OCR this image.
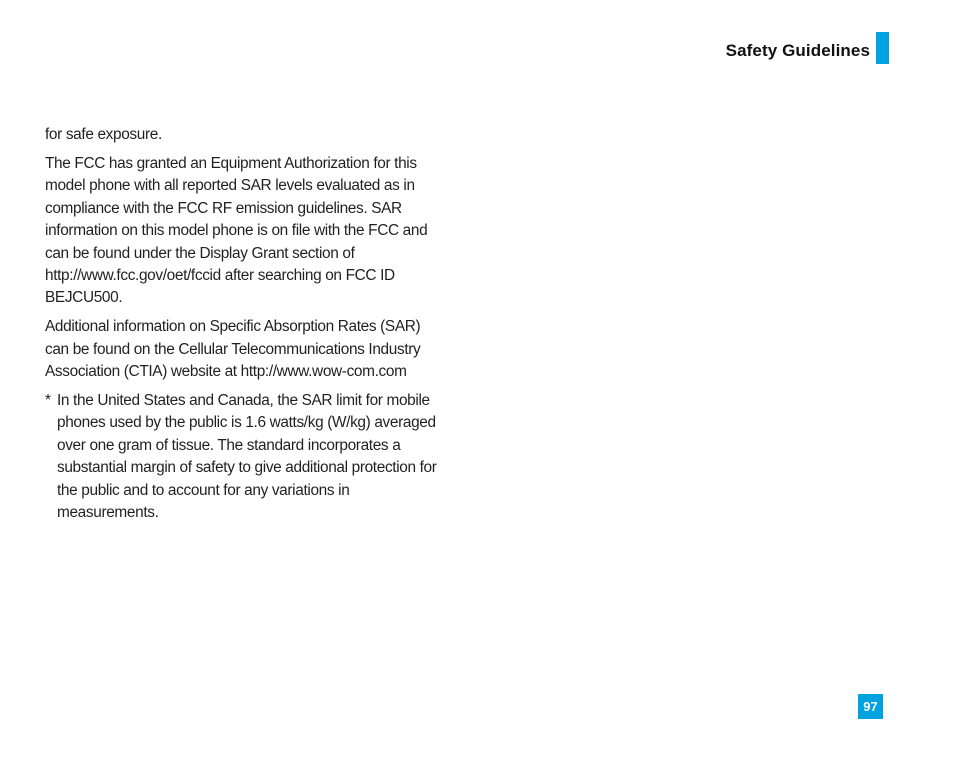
Safety Guidelines

for safe exposure.

The FCC has granted an Equipment Authorization for this model phone with all reported SAR levels evaluated as in compliance with the FCC RF emission guidelines. SAR information on this model phone is on file with the FCC and can be found under the Display Grant section of http://www.fcc.gov/oet/fccid after searching on FCC ID BEJCU500.

Additional information on Specific Absorption Rates (SAR) can be found on the Cellular Telecommunications Industry Association (CTIA) website at http://www.wow-com.com

* In the United States and Canada, the SAR limit for mobile phones used by the public is 1.6 watts/kg (W/kg) averaged over one gram of tissue. The standard incorporates a substantial margin of safety to give additional protection for the public and to account for any variations in measurements.

97
